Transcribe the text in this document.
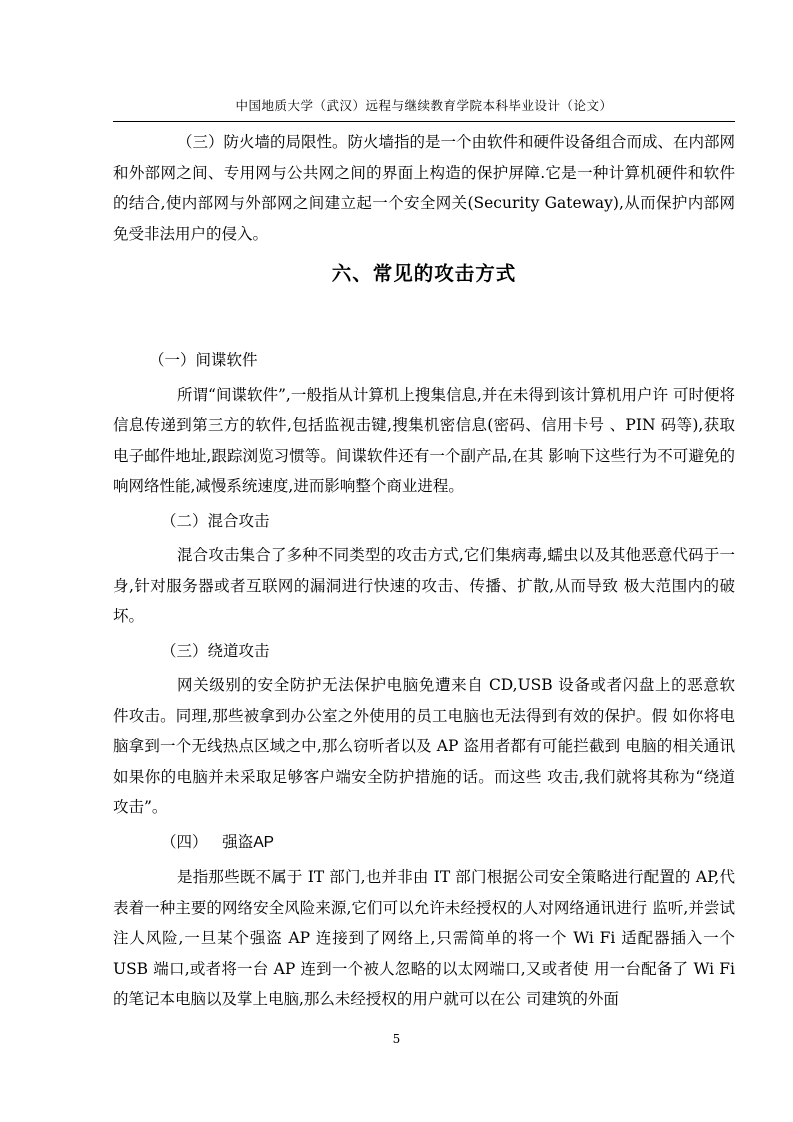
中国地质大学（武汉）远程与继续教育学院本科毕业设计（论文）

（三）防火墙的局限性。防火墙指的是一个由软件和硬件设备组合而成、在内部网和外部网之间、专用网与公共网之间的界面上构造的保护屏障.它是一种计算机硬件和软件的结合,使内部网与外部网之间建立起一个安全网关(Security Gateway),从而保护内部网免受非法用户的侵入。

六、常见的攻击方式

（一）间谍软件

所谓“间谍软件”,一般指从计算机上搜集信息,并在未得到该计算机用户许 可时便将信息传递到第三方的软件,包括监视击键,搜集机密信息(密码、信用卡号 、PIN 码等),获取电子邮件地址,跟踪浏览习惯等。间谍软件还有一个副产品,在其 影响下这些行为不可避免的响网络性能,减慢系统速度,进而影响整个商业进程。

（二）混合攻击

混合攻击集合了多种不同类型的攻击方式,它们集病毒,蠕虫以及其他恶意代码于一身,针对服务器或者互联网的漏洞进行快速的攻击、传播、扩散,从而导致 极大范围内的破坏。

（三）绕道攻击

网关级别的安全防护无法保护电脑免遭来自 CD,USB 设备或者闪盘上的恶意软 件攻击。同理,那些被拿到办公室之外使用的员工电脑也无法得到有效的保护。假 如你将电脑拿到一个无线热点区域之中,那么窃听者以及 AP 盗用者都有可能拦截到 电脑的相关通讯 如果你的电脑并未采取足够客户端安全防护措施的话。而这些 攻击,我们就将其称为“绕道攻击”。

（四） 强盗AP

是指那些既不属于 IT 部门,也并非由 IT 部门根据公司安全策略进行配置的 AP,代表着一种主要的网络安全风险来源,它们可以允许未经授权的人对网络通讯进行 监听,并尝试注人风险,一旦某个强盗 AP 连接到了网络上,只需简单的将一个 Wi Fi 适配器插入一个 USB 端口,或者将一台 AP 连到一个被人忽略的以太网端口,又或者使 用一台配备了 Wi Fi 的笔记本电脑以及掌上电脑,那么未经授权的用户就可以在公 司建筑的外面

5
